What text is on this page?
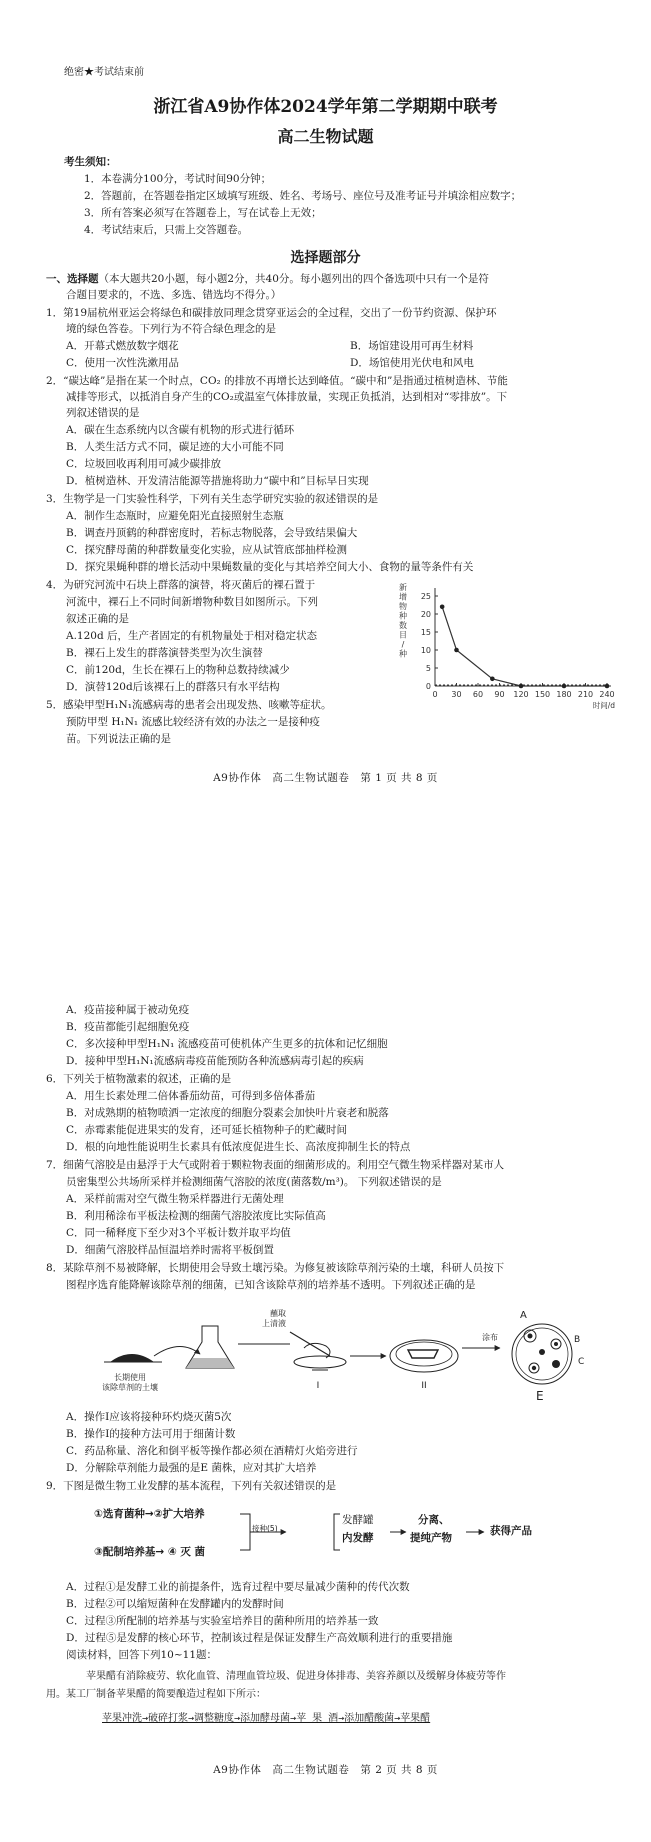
绝密★考试结束前
浙江省A9协作体2024学年第二学期期中联考
高二生物试题
考生须知：
1．本卷满分100分，考试时间90分钟；
2．答题前，在答题卷指定区域填写班级、姓名、考场号、座位号及准考证号并填涂相应数字；
3．所有答案必须写在答题卷上，写在试卷上无效；
4．考试结束后，只需上交答题卷。
选择题部分
一、选择题（本大题共20小题，每小题2分，共40分。每小题列出的四个备选项中只有一个是符
合题目要求的，不选、多选、错选均不得分。）
1．第19届杭州亚运会将绿色和碳排放同理念贯穿亚运会的全过程，交出了一份节约资源、保护环
境的绿色答卷。下列行为不符合绿色理念的是
A．开幕式燃放数字烟花	B．场馆建设用可再生材料
C．使用一次性洗漱用品	D．场馆使用光伏电和风电
2．“碳达峰”是指在某一个时点，CO₂ 的排放不再增长达到峰值。“碳中和”是指通过植树造林、节能
减排等形式，以抵消自身产生的CO₂或温室气体排放量，实现正负抵消，达到相对“零排放”。下
列叙述错误的是
A．碳在生态系统内以含碳有机物的形式进行循环
B．人类生活方式不同，碳足迹的大小可能不同
C．垃圾回收再利用可减少碳排放
D．植树造林、开发清洁能源等措施将助力“碳中和”目标早日实现
3．生物学是一门实验性科学，下列有关生态学研究实验的叙述错误的是
A．制作生态瓶时，应避免阳光直接照射生态瓶
B．调查丹顶鹤的种群密度时，若标志物脱落，会导致结果偏大
C．探究酵母菌的种群数量变化实验，应从试管底部抽样检测
D．探究果蝇种群的增长活动中果蝇数量的变化与其培养空间大小、食物的量等条件有关
4．为研究河流中石块上群落的演替，将灭菌后的裸石置于
河流中，裸石上不同时间新增物种数目如图所示。下列
叙述正确的是
A.120d 后，生产者固定的有机物量处于相对稳定状态
B．裸石上发生的群落演替类型为次生演替
C．前120d，生长在裸石上的物种总数持续减少
D．演替120d后该裸石上的群落只有水平结构
新
增
物
种
数
目
/
种
0 30 60 90 120 150 180 210 240
0
5
10
15
20
25
时间/d
5．感染甲型H₁N₁流感病毒的患者会出现发热、咳嗽等症状。
预防甲型 H₁N₁ 流感比较经济有效的办法之一是接种疫
苗。下列说法正确的是
A9协作体　高二生物试题卷　第 1 页 共 8 页
A．疫苗接种属于被动免疫
B．疫苗都能引起细胞免疫
C．多次接种甲型H₁N₁ 流感疫苗可使机体产生更多的抗体和记忆细胞
D．接种甲型H₁N₁流感病毒疫苗能预防各种流感病毒引起的疾病
6．下列关于植物激素的叙述，正确的是
A．用生长素处理二倍体番茄幼苗，可得到多倍体番茄
B．对成熟期的植物喷洒一定浓度的细胞分裂素会加快叶片衰老和脱落
C．赤霉素能促进果实的发育，还可延长植物种子的贮藏时间
D．根的向地性能说明生长素具有低浓度促进生长、高浓度抑制生长的特点
7．细菌气溶胶是由悬浮于大气或附着于颗粒物表面的细菌形成的。利用空气微生物采样器对某市人
员密集型公共场所采样并检测细菌气溶胶的浓度(菌落数/m³)。 下列叙述错误的是
A．采样前需对空气微生物采样器进行无菌处理
B．利用稀涂布平板法检测的细菌气溶胶浓度比实际值高
C．同一稀释度下至少对3个平板计数并取平均值
D．细菌气溶胶样品恒温培养时需将平板倒置
8．某除草剂不易被降解，长期使用会导致土壤污染。为修复被该除草剂污染的土壤，科研人员按下
图程序选育能降解该除草剂的细菌，已知含该除草剂的培养基不透明。下列叙述正确的是
长期使用
该除草剂的土壤
蘸取
上清液
I	II
涂布
A
B
C
E
A．操作Ⅰ应该将接种环灼烧灭菌5次
B．操作Ⅰ的接种方法可用于细菌计数
C．药品称量、溶化和倒平板等操作都必须在酒精灯火焰旁进行
D．分解除草剂能力最强的是E 菌株，应对其扩大培养
9．下图是微生物工业发酵的基本流程，下列有关叙述错误的是
①选育菌种→②扩大培养
③配制培养基→ ④ 灭 菌
接种(5)
发酵罐
内发酵
分离、
提纯产物
获得产品
A．过程①是发酵工业的前提条件，选育过程中要尽量减少菌种的传代次数
B．过程②可以缩短菌种在发酵罐内的发酵时间
C．过程③所配制的培养基与实验室培养目的菌种所用的培养基一致
D．过程⑤是发酵的核心环节，控制该过程是保证发酵生产高效顺利进行的重要措施
阅读材料，回答下列10~11题：
苹果醋有消除疲劳、软化血管、清理血管垃圾、促进身体排毒、美容养颜以及缓解身体疲劳等作
用。某工厂制备苹果醋的简要酿造过程如下所示：
苹果冲洗→破碎打浆→调整糖度→添加酵母菌→苹 果 酒→添加醋酸菌→苹果醋
A9协作体　高二生物试题卷　第 2 页 共 8 页
